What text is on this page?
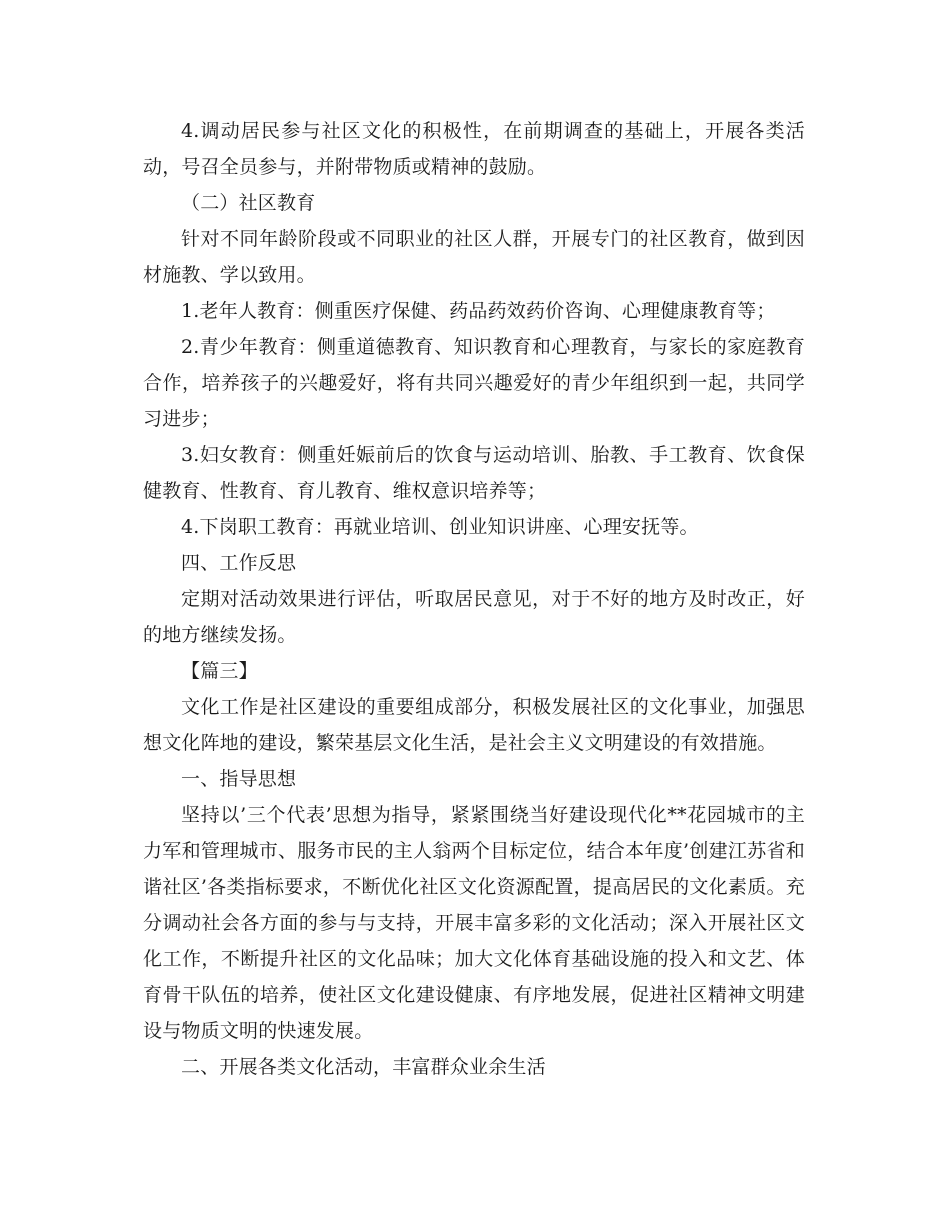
4.调动居民参与社区文化的积极性，在前期调查的基础上，开展各类活动，号召全员参与，并附带物质或精神的鼓励。

（二）社区教育

针对不同年龄阶段或不同职业的社区人群，开展专门的社区教育，做到因材施教、学以致用。

1.老年人教育：侧重医疗保健、药品药效药价咨询、心理健康教育等；

2.青少年教育：侧重道德教育、知识教育和心理教育，与家长的家庭教育合作，培养孩子的兴趣爱好，将有共同兴趣爱好的青少年组织到一起，共同学习进步；

3.妇女教育：侧重妊娠前后的饮食与运动培训、胎教、手工教育、饮食保健教育、性教育、育儿教育、维权意识培养等；

4.下岗职工教育：再就业培训、创业知识讲座、心理安抚等。

四、工作反思

定期对活动效果进行评估，听取居民意见，对于不好的地方及时改正，好的地方继续发扬。

【篇三】

文化工作是社区建设的重要组成部分，积极发展社区的文化事业，加强思想文化阵地的建设，繁荣基层文化生活，是社会主义文明建设的有效措施。

一、指导思想

坚持以’三个代表’思想为指导，紧紧围绕当好建设现代化**花园城市的主力军和管理城市、服务市民的主人翁两个目标定位，结合本年度’创建江苏省和谐社区’各类指标要求，不断优化社区文化资源配置，提高居民的文化素质。充分调动社会各方面的参与与支持，开展丰富多彩的文化活动；深入开展社区文化工作，不断提升社区的文化品味；加大文化体育基础设施的投入和文艺、体育骨干队伍的培养，使社区文化建设健康、有序地发展，促进社区精神文明建设与物质文明的快速发展。

二、开展各类文化活动，丰富群众业余生活
